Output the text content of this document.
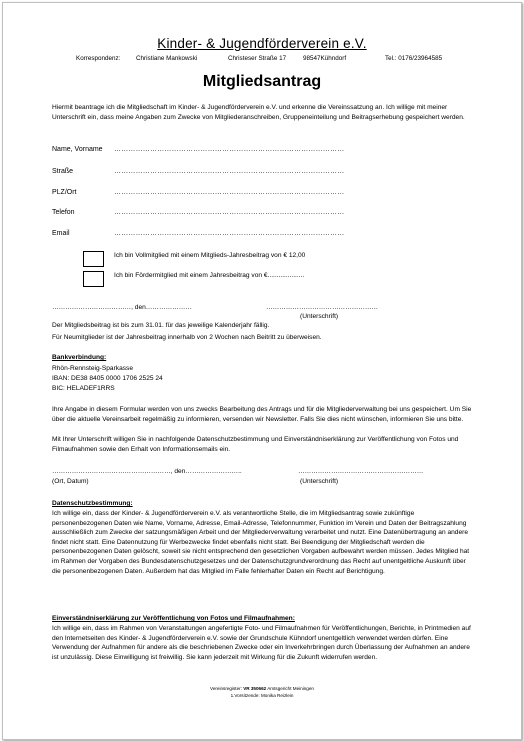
Kinder- & Jugendförderverein e.V.
Korrespondenz: Christiane Mankowski	Christeser Straße 17	98547Kühndorf	Tel.: 0176/23964585
Mitgliedsantrag
Hiermit beantrage ich die Mitgliedschaft im Kinder- & Jugendförderverein e.V. und erkenne die Vereinssatzung an. Ich willige mit meiner Unterschrift ein, dass meine Angaben zum Zwecke von Mitgliederanschreiben, Gruppeneinteilung und Beitragserhebung gespeichert werden.
Name, Vorname ……………………………………………………………………………………
Straße	……………………………………………………………………………………
PLZ/Ort	……………………………………………………………………………………
Telefon	……………………………………………………………………………………
Email	……………………………………………………………………………………
Ich bin Vollmitglied mit einem Mitglieds-Jahresbeitrag von € 12,00
Ich bin Fördermitglied mit einem Jahresbeitrag von €....................
………………………………, den…………………	……………………………………………
(Unterschrift)
Der Mitgliedsbeitrag ist bis zum 31.01. für das jeweilige Kalenderjahr fällig.
Für Neumitglieder ist der Jahresbeitrag innerhalb von 2 Wochen nach Beitritt zu überweisen.
Bankverbindung:
Rhön-Rennsteig-Sparkasse
IBAN: DE38 8405 0000 1706 2525 24
BIC: HELADEF1RRS
Ihre Angabe in diesem Formular werden von uns zwecks Bearbeitung des Antrags und für die Mitgliederverwaltung bei uns gespeichert. Um Sie über die aktuelle Vereinsarbeit regelmäßig zu informieren, versenden wir Newsletter. Falls Sie dies nicht wünschen, informieren Sie uns bitte.
Mit Ihrer Unterschrift willigen Sie in nachfolgende Datenschutzbestimmung und Einverständniserklärung zur Veröffentlichung von Fotos und Filmaufnahmen sowie den Erhalt von Informationsemails ein.
………………………………………………, den……………………..	…………………………………………………
(Ort, Datum)	(Unterschrift)
Datenschutzbestimmung:
Ich willige ein, dass der Kinder- & Jugendförderverein e.V. als verantwortliche Stelle, die im Mitgliedsantrag sowie zukünftige personenbezogenen Daten wie Name, Vorname, Adresse, Email-Adresse, Telefonnummer, Funktion im Verein und Daten der Beitragszahlung ausschließlich zum Zwecke der satzungsmäßigen Arbeit und der Mitgliederverwaltung verarbeitet und nutzt. Eine Datenübertragung an andere findet nicht statt. Eine Datennutzung für Werbezwecke findet ebenfalls nicht statt. Bei Beendigung der Mitgliedschaft werden die personenbezogenen Daten gelöscht, soweit sie nicht entsprechend den gesetzlichen Vorgaben aufbewahrt werden müssen. Jedes Mitglied hat im Rahmen der Vorgaben des Bundesdatenschutzgesetzes und der Datenschutzgrundverordnung das Recht auf unentgeltliche Auskunft über die personenbezogenen Daten. Außerdem hat das Mitglied im Falle fehlerhafter Daten ein Recht auf Berichtigung.
Einverständniserklärung zur Veröffentlichung von Fotos und Filmaufnahmen:
Ich willige ein, dass im Rahmen von Veranstaltungen angefertigte Foto- und Filmaufnahmen für Veröffentlichungen, Berichte, in Printmedien auf den Internetseiten des Kinder- & Jugendförderverein e.V. sowie der Grundschule Kühndorf unentgeltlich verwendet werden dürfen. Eine Verwendung der Aufnahmen für andere als die beschriebenen Zwecke oder ein Inverkehrbringen durch Überlassung der Aufnahmen an andere ist unzulässig. Diese Einwilligung ist freiwillig. Sie kann jederzeit mit Wirkung für die Zukunft widerrufen werden.
Vereinsregister: VR 350662 Amtsgericht Meiningen
1.Vorsitzende: Monika Reizlein
